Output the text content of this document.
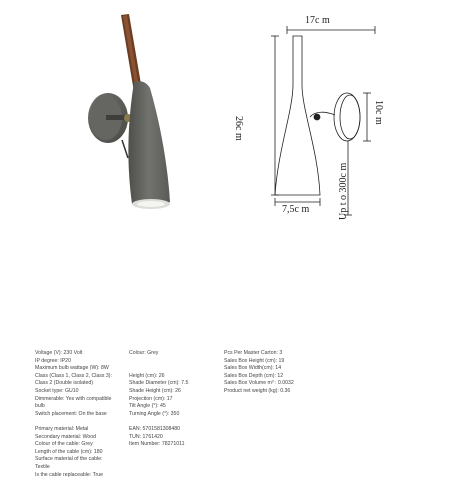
17c m
26c m
10c m
Up t o 300c m
7,5c m
Voltage (V): 230 Volt
IP degree: IP20
Maximum bulb wattage (W): 8W
Class (Class 1, Class 2, Class 3):
Class 2 (Double isolated)
Socket type: GU10
Dimmerable: Yes with compatible
bulb
Switch placement: On the base
Primary material: Metal
Secondary material: Wood
Colour of the cable: Grey
Length of the cable (cm): 180
Surface material of the cable:
Textile
Is the cable replaceable: True
Colour: Grey
Height (cm): 26
Shade Diameter (cm): 7.5
Shade Height (cm): 26
Projection (cm): 17
Tilt Angle (°): 45
Turning Angle (°): 350
EAN: 5701581308480
TUN: 1761420
Item Number: 78271011
Pcs Per Master Carton: 3
Sales Box Height (cm): 19
Sales Box Width(cm): 14
Sales Box Depth (cm): 12
Sales Box Volume m³ : 0.0032
Product net weight (kg): 0.36
